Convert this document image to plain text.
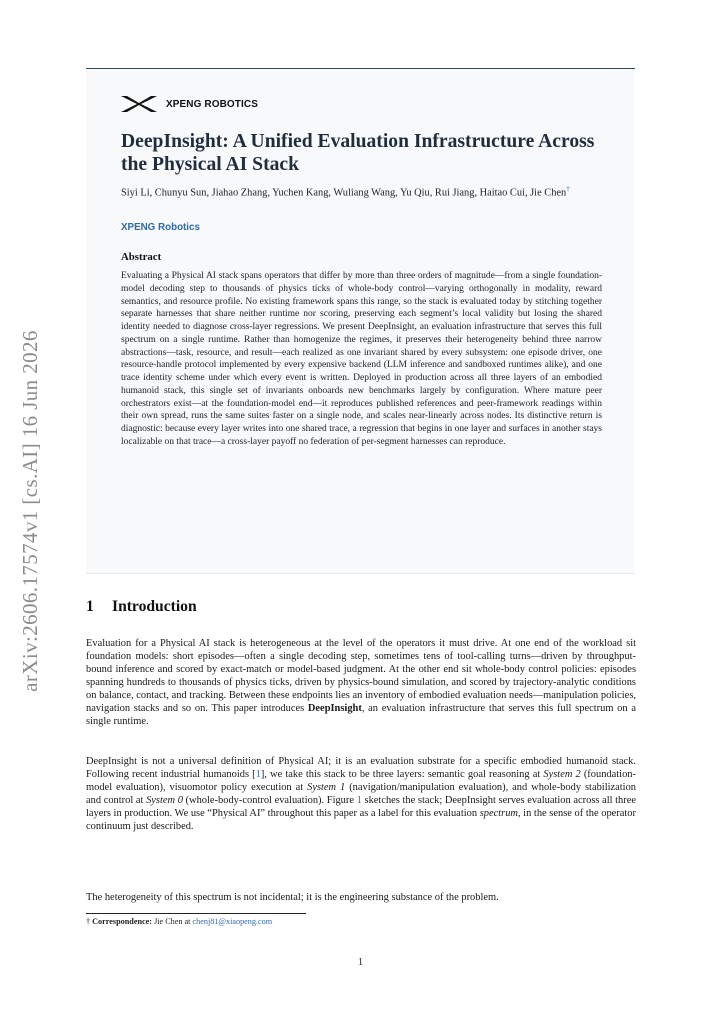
arXiv:2606.17574v1 [cs.AI] 16 Jun 2026
XPENG ROBOTICS
DeepInsight: A Unified Evaluation Infrastructure Across the Physical AI Stack
Siyi Li, Chunyu Sun, Jiahao Zhang, Yuchen Kang, Wuliang Wang, Yu Qiu, Rui Jiang, Haitao Cui, Jie Chen†
XPENG Robotics
Abstract
Evaluating a Physical AI stack spans operators that differ by more than three orders of magnitude—from a single foundation-model decoding step to thousands of physics ticks of whole-body control—varying orthogonally in modality, reward semantics, and resource profile. No existing framework spans this range, so the stack is evaluated today by stitching together separate harnesses that share neither runtime nor scoring, preserving each segment’s local validity but losing the shared identity needed to diagnose cross-layer regressions. We present DeepInsight, an evaluation infrastructure that serves this full spectrum on a single runtime. Rather than homogenize the regimes, it preserves their heterogeneity behind three narrow abstractions—task, resource, and result—each realized as one invariant shared by every subsystem: one episode driver, one resource-handle protocol implemented by every expensive backend (LLM inference and sandboxed runtimes alike), and one trace identity scheme under which every event is written. Deployed in production across all three layers of an embodied humanoid stack, this single set of invariants onboards new benchmarks largely by configuration. Where mature peer orchestrators exist—at the foundation-model end—it reproduces published references and peer-framework readings within their own spread, runs the same suites faster on a single node, and scales near-linearly across nodes. Its distinctive return is diagnostic: because every layer writes into one shared trace, a regression that begins in one layer and surfaces in another stays localizable on that trace—a cross-layer payoff no federation of per-segment harnesses can reproduce.
1 Introduction
Evaluation for a Physical AI stack is heterogeneous at the level of the operators it must drive. At one end of the workload sit foundation models: short episodes—often a single decoding step, sometimes tens of tool-calling turns—driven by throughput-bound inference and scored by exact-match or model-based judgment. At the other end sit whole-body control policies: episodes spanning hundreds to thousands of physics ticks, driven by physics-bound simulation, and scored by trajectory-analytic conditions on balance, contact, and tracking. Between these endpoints lies an inventory of embodied evaluation needs—manipulation policies, navigation stacks and so on. This paper introduces DeepInsight, an evaluation infrastructure that serves this full spectrum on a single runtime.
DeepInsight is not a universal definition of Physical AI; it is an evaluation substrate for a specific embodied humanoid stack. Following recent industrial humanoids [1], we take this stack to be three layers: semantic goal reasoning at System 2 (foundation-model evaluation), visuomotor policy execution at System 1 (navigation/manipulation evaluation), and whole-body stabilization and control at System 0 (whole-body-control evaluation). Figure 1 sketches the stack; DeepInsight serves evaluation across all three layers in production. We use “Physical AI” throughout this paper as a label for this evaluation spectrum, in the sense of the operator continuum just described.
The heterogeneity of this spectrum is not incidental; it is the engineering substance of the problem.
† Correspondence: Jie Chen at chenj81@xiaopeng.com
1
